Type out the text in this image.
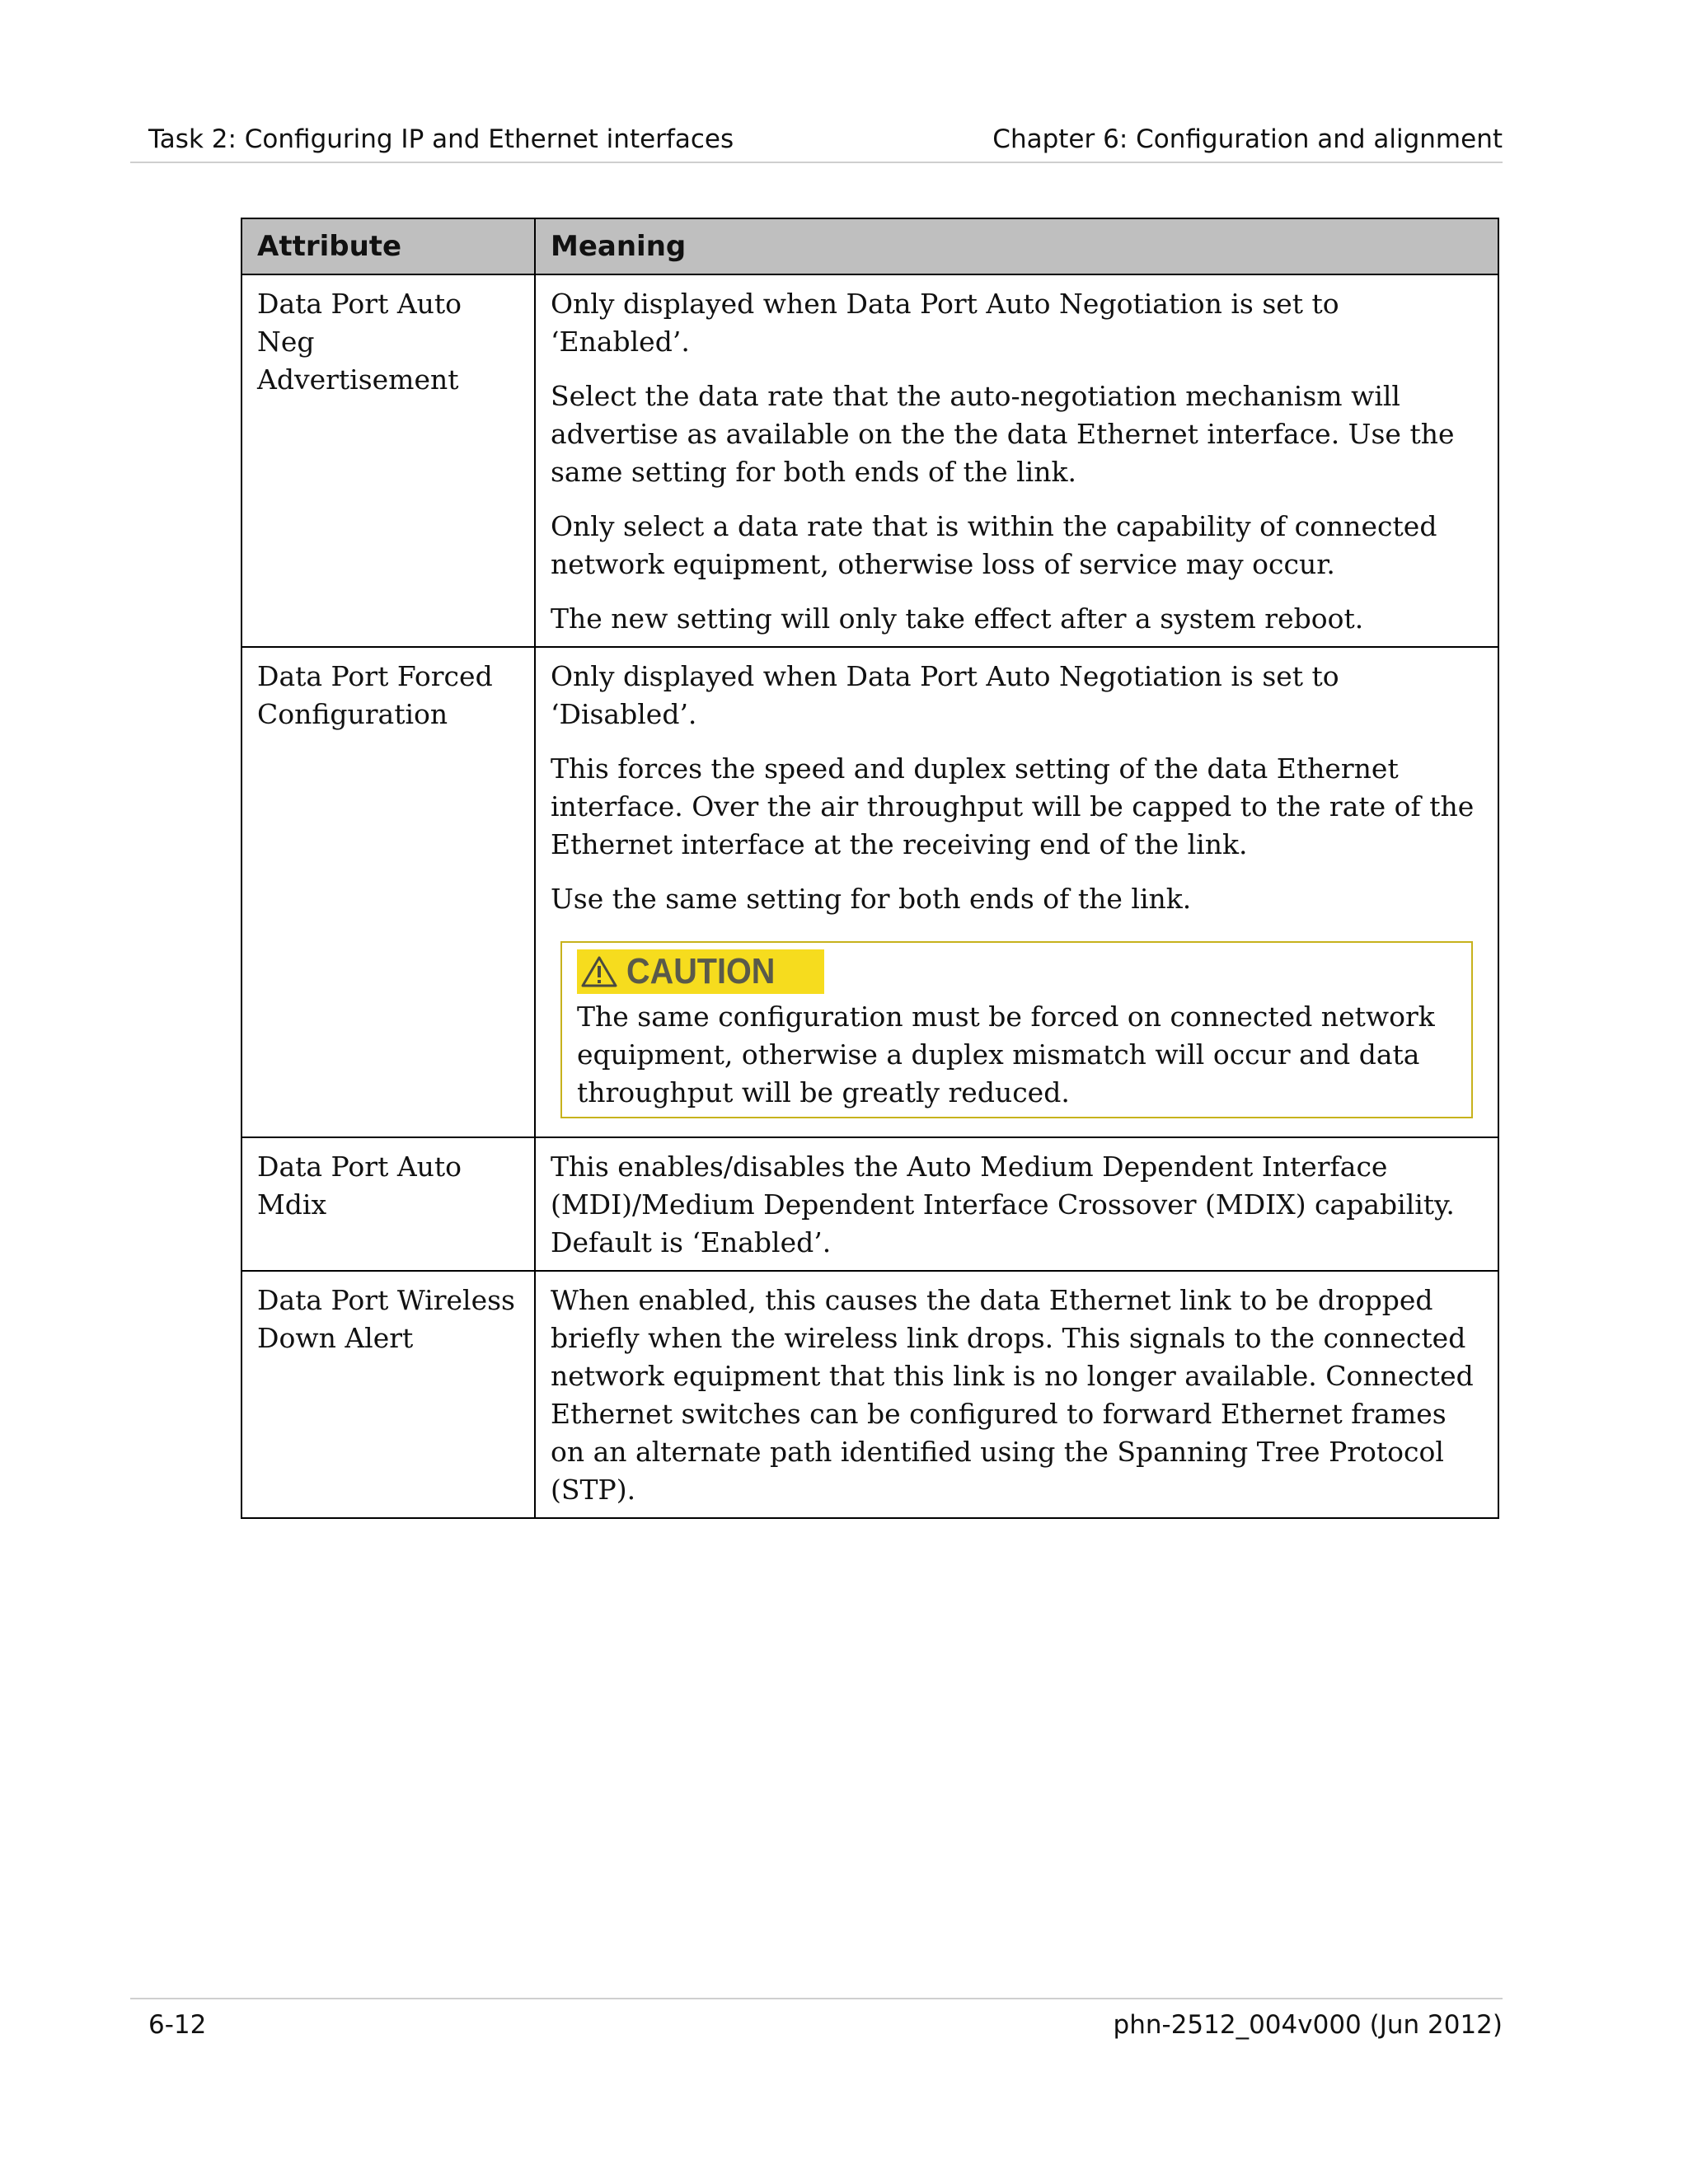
Task 2: Configuring IP and Ethernet interfaces	Chapter 6: Configuration and alignment
Attribute	Meaning
Data Port Auto Neg Advertisement	Only displayed when Data Port Auto Negotiation is set to ‘Enabled’.

Select the data rate that the auto-negotiation mechanism will advertise as available on the the data Ethernet interface. Use the same setting for both ends of the link.

Only select a data rate that is within the capability of connected network equipment, otherwise loss of service may occur.

The new setting will only take effect after a system reboot.

Data Port Forced Configuration	Only displayed when Data Port Auto Negotiation is set to ‘Disabled’.

This forces the speed and duplex setting of the data Ethernet interface. Over the air throughput will be capped to the rate of the Ethernet interface at the receiving end of the link.

Use the same setting for both ends of the link.

CAUTION

The same configuration must be forced on connected network equipment, otherwise a duplex mismatch will occur and data throughput will be greatly reduced.

Data Port Auto Mdix	This enables/disables the Auto Medium Dependent Interface (MDI)/Medium Dependent Interface Crossover (MDIX) capability. Default is ‘Enabled’.

Data Port Wireless Down Alert	When enabled, this causes the data Ethernet link to be dropped briefly when the wireless link drops. This signals to the connected network equipment that this link is no longer available. Connected Ethernet switches can be configured to forward Ethernet frames on an alternate path identified using the Spanning Tree Protocol (STP).

6-12	phn-2512_004v000 (Jun 2012)
